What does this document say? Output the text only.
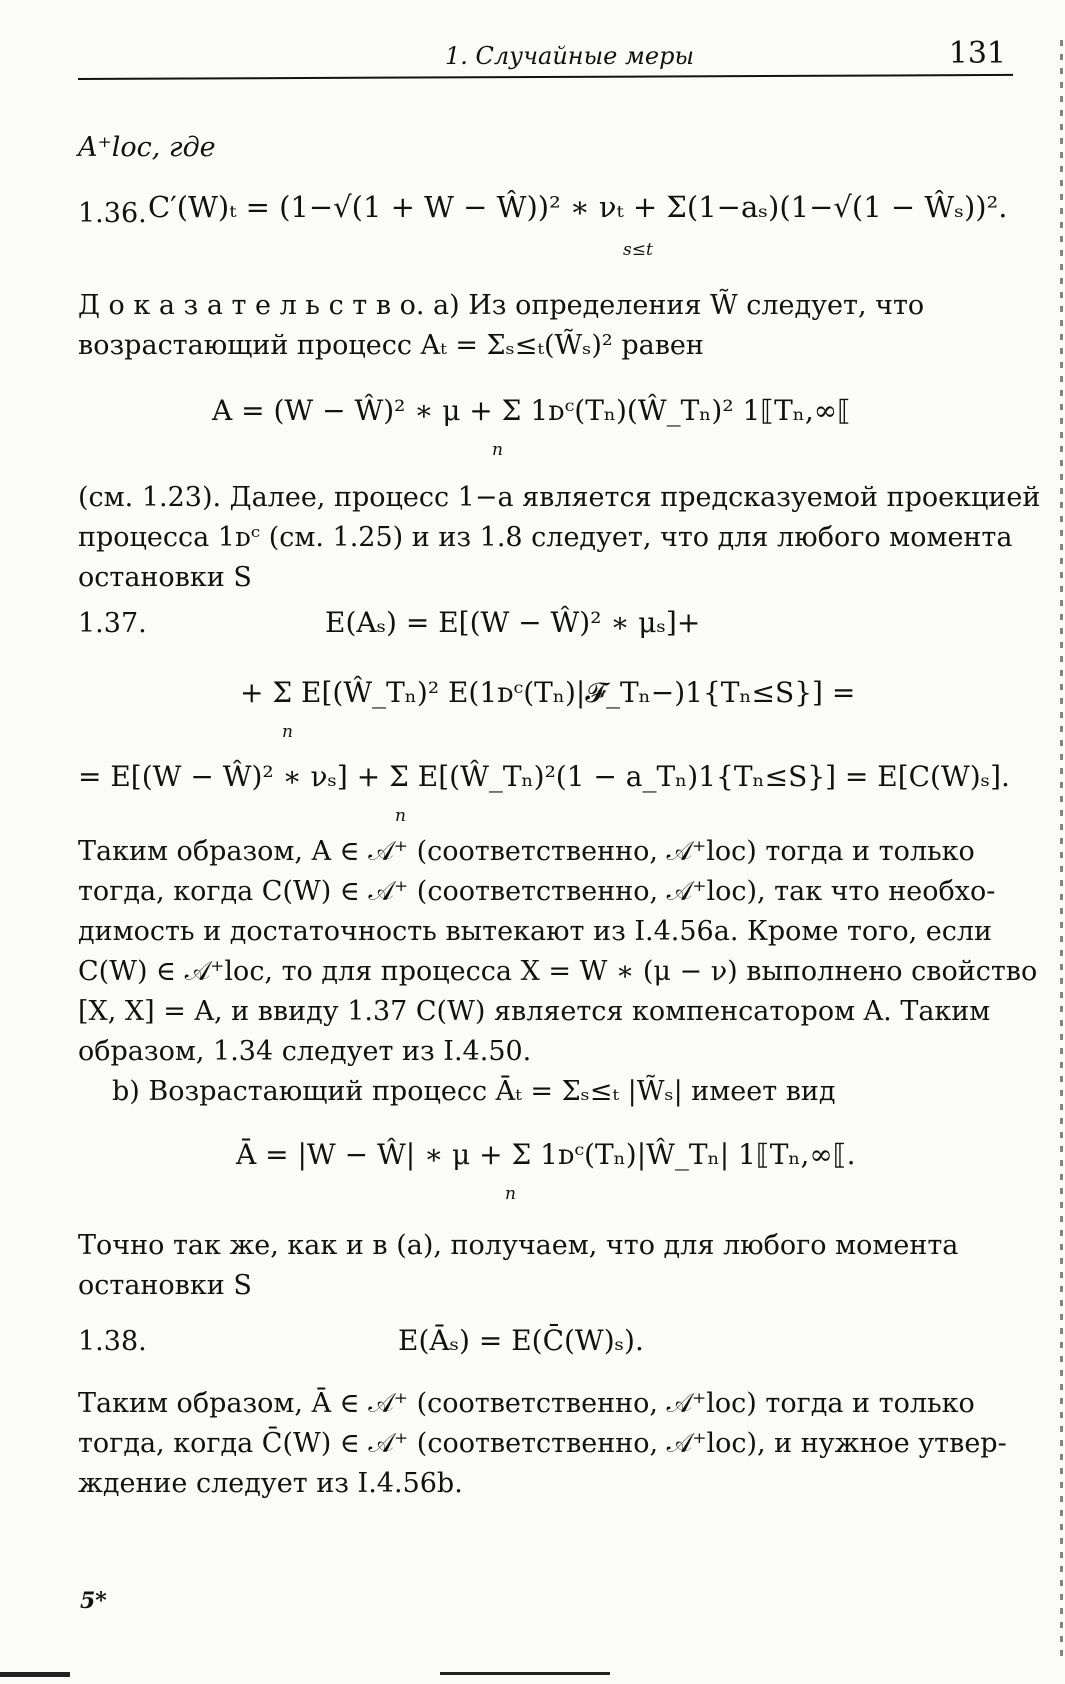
1. Случайные меры	131
A⁺loc, где
1.36. C′(W)ₜ = (1−√(1 + W − Ŵ))² ∗ νₜ + Σ(1−aₛ)(1−√(1 − Ŵₛ))².
s≤t
Д о к а з а т е л ь с т в о. a) Из определения W̃ следует, что
возрастающий процесс Aₜ = Σₛ≤ₜ(W̃ₛ)² равен
A = (W − Ŵ)² ∗ μ + Σ 1ᴅᶜ(Tₙ)(Ŵ_Tₙ)² 1⟦Tₙ,∞⟦
n
(см. 1.23). Далее, процесс 1−a является предсказуемой проекцией
процесса 1ᴅᶜ (см. 1.25) и из 1.8 следует, что для любого момента
остановки S
1.37.	E(Aₛ) = E[(W − Ŵ)² ∗ μₛ]+
+ Σ E[(Ŵ_Tₙ)² E(1ᴅᶜ(Tₙ)|𝓕_Tₙ−)1{Tₙ≤S}] =
n
= E[(W − Ŵ)² ∗ νₛ] + Σ E[(Ŵ_Tₙ)²(1 − a_Tₙ)1{Tₙ≤S}] = E[C(W)ₛ].
n
Таким образом, A ∈ 𝒜⁺ (соответственно, 𝒜⁺loc) тогда и только
тогда, когда C(W) ∈ 𝒜⁺ (соответственно, 𝒜⁺loc), так что необхо-
димость и достаточность вытекают из I.4.56a. Кроме того, если
C(W) ∈ 𝒜⁺loc, то для процесса X = W ∗ (μ − ν) выполнено свойство
[X, X] = A, и ввиду 1.37 C(W) является компенсатором A. Таким
образом, 1.34 следует из I.4.50.
b) Возрастающий процесс Āₜ = Σₛ≤ₜ |W̃ₛ| имеет вид
Ā = |W − Ŵ| ∗ μ + Σ 1ᴅᶜ(Tₙ)|Ŵ_Tₙ| 1⟦Tₙ,∞⟦.
n
Точно так же, как и в (a), получаем, что для любого момента
остановки S
1.38.	E(Āₛ) = E(C̄(W)ₛ).
Таким образом, Ā ∈ 𝒜⁺ (соответственно, 𝒜⁺loc) тогда и только
тогда, когда C̄(W) ∈ 𝒜⁺ (соответственно, 𝒜⁺loc), и нужное утвер-
ждение следует из I.4.56b.
5*
